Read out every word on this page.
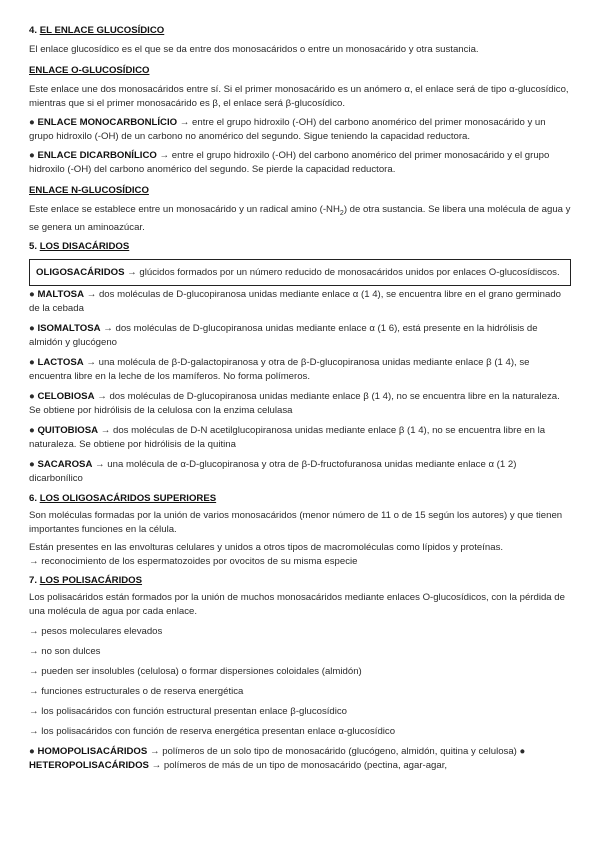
4. EL ENLACE GLUCOSÍDICO

El enlace glucosídico es el que se da entre dos monosacáridos o entre un monosacárido y otra sustancia.

ENLACE O-GLUCOSÍDICO

Este enlace une dos monosacáridos entre sí. Si el primer monosacárido es un anómero α, el enlace será de tipo α-glucosídico, mientras que si el primer monosacárido es β, el enlace será β-glucosídico.

● ENLACE MONOCARBONLÍCIO → entre el grupo hidroxilo (-OH) del carbono anomérico del primer monosacárido y un grupo hidroxilo (-OH) de un carbono no anomérico del segundo. Sigue teniendo la capacidad reductora.

● ENLACE DICARBONÍLICO → entre el grupo hidroxilo (-OH) del carbono anomérico del primer monosacárido y el grupo hidroxilo (-OH) del carbono anomérico del segundo. Se pierde la capacidad reductora.

ENLACE N-GLUCOSÍDICO

Este enlace se establece entre un monosacárido y un radical amino $(-NH_2)$ de otra sustancia. Se libera una molécula de agua y se genera un aminoazúcar.

5. LOS DISACÁRIDOS

OLIGOSACÁRIDOS → glúcidos formados por un número reducido de monosacáridos unidos por enlaces O-glucosídiscos.

● MALTOSA → dos moléculas de D-glucopiranosa unidas mediante enlace α (1 4), se encuentra libre en el grano germinado de la cebada

● ISOMALTOSA → dos moléculas de D-glucopiranosa unidas mediante enlace α (1 6), está presente en la hidrólisis de almidón y glucógeno

● LACTOSA → una molécula de β-D-galactopiranosa y otra de β-D-glucopiranosa unidas mediante enlace β (1 4), se encuentra libre en la leche de los mamíferos. No forma polímeros.

● CELOBIOSA → dos moléculas de D-glucopiranosa unidas mediante enlace β (1 4), no se encuentra libre en la naturaleza. Se obtiene por hidrólisis de la celulosa con la enzima celulasa

● QUITOBIOSA → dos moléculas de D-N acetilglucopiranosa unidas mediante enlace β (1 4), no se encuentra libre en la naturaleza. Se obtiene por hidrólisis de la quitina

● SACAROSA → una molécula de α-D-glucopiranosa y otra de β-D-fructofuranosa unidas mediante enlace α (1 2) dicarbonílico

6. LOS OLIGOSACÁRIDOS SUPERIORES

Son moléculas formadas por la unión de varios monosacáridos (menor número de 11 o de 15 según los autores) y que tienen importantes funciones en la célula.

Están presentes en las envolturas celulares y unidos a otros tipos de macromoléculas como lípidos y proteínas.

→ reconocimiento de los espermatozoides por ovocitos de su misma especie

7. LOS POLISACÁRIDOS

Los polisacáridos están formados por la unión de muchos monosacáridos mediante enlaces O-glucosídicos, con la pérdida de una molécula de agua por cada enlace.

→ pesos moleculares elevados

→ no son dulces

→ pueden ser insolubles (celulosa) o formar dispersiones coloidales (almidón)

→ funciones estructurales o de reserva energética

→ los polisacáridos con función estructural presentan enlace β-glucosídico

→ los polisacáridos con función de reserva energética presentan enlace α-glucosídico

● HOMOPOLISACÁRIDOS → polímeros de un solo tipo de monosacárido (glucógeno, almidón, quitina y celulosa) ● HETEROPOLISACÁRIDOS → polímeros de más de un tipo de monosacárido (pectina, agar-agar,
